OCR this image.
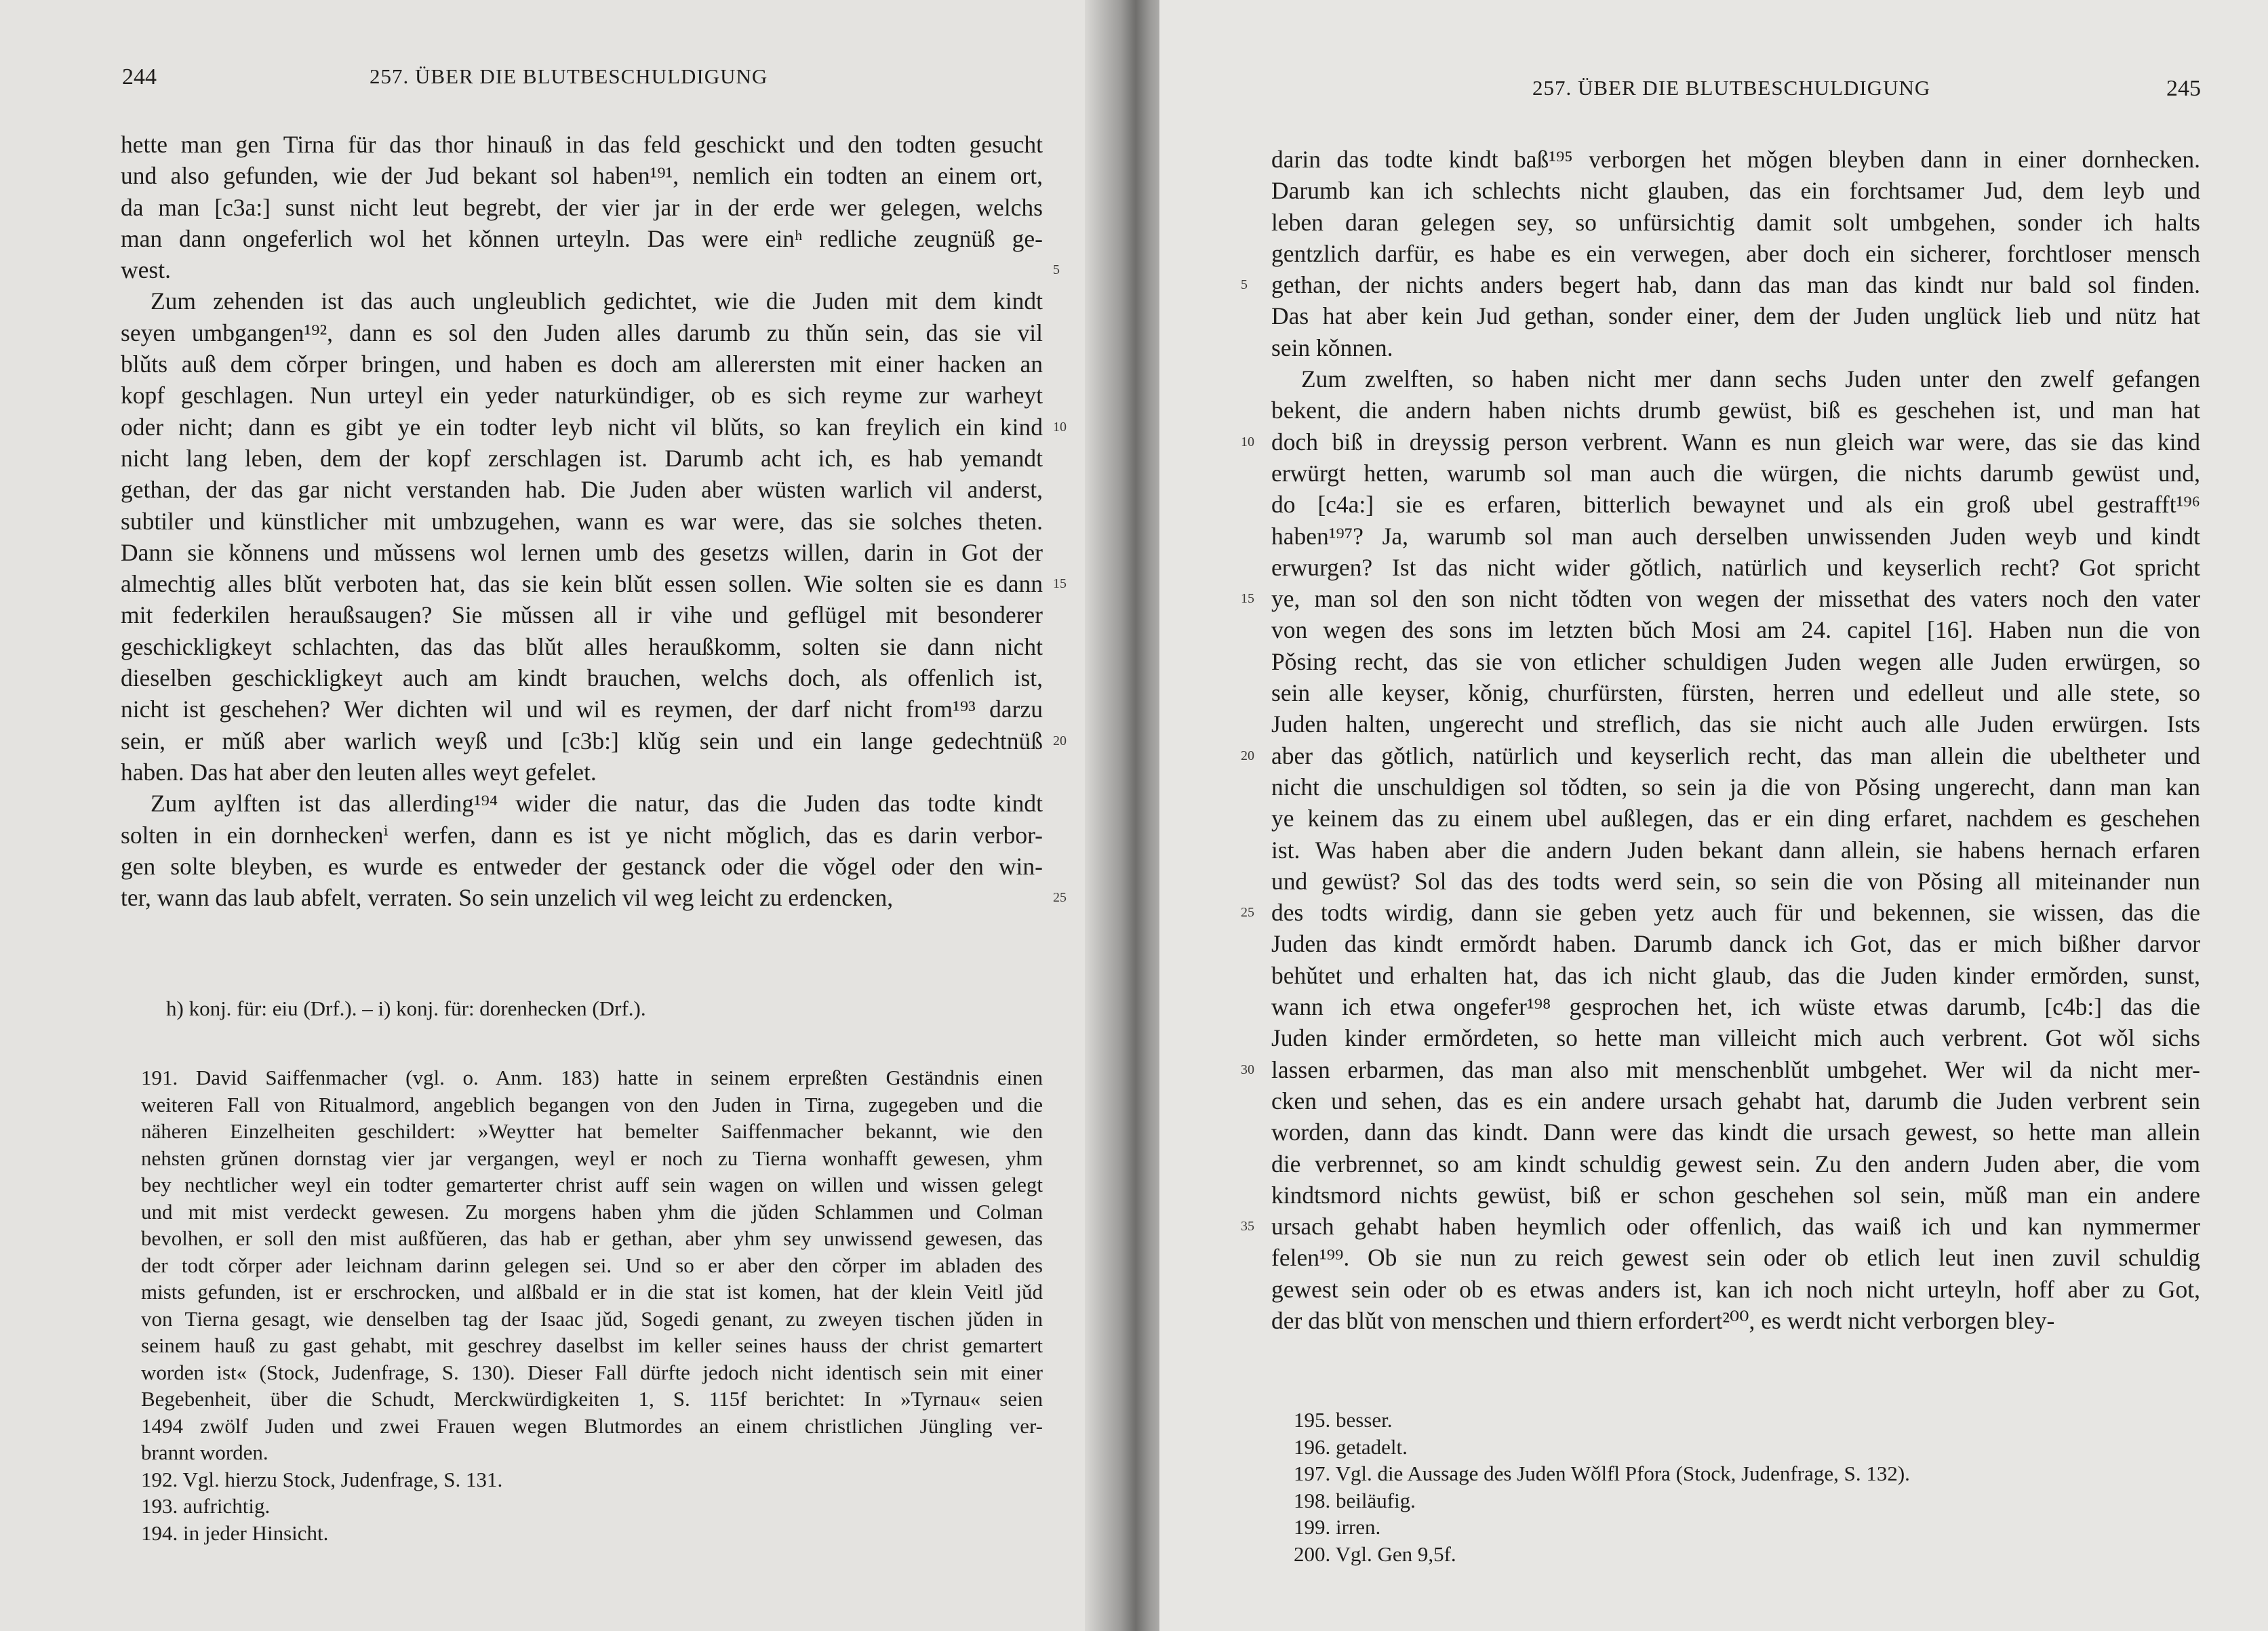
244	257. ÜBER DIE BLUTBESCHULDIGUNG
hette man gen Tirna für das thor hinauß in das feld geschickt und den todten gesucht
und also gefunden, wie der Jud bekant sol haben¹⁹¹, nemlich ein todten an einem ort,
da man [c3a:] sunst nicht leut begrebt, der vier jar in der erde wer gelegen, welchs
man dann ongeferlich wol het kǒnnen urteyln. Das were einʰ redliche zeugnüß ge-
west.
Zum zehenden ist das auch ungleublich gedichtet, wie die Juden mit dem kindt
seyen umbgangen¹⁹², dann es sol den Juden alles darumb zu thǔn sein, das sie vil
blǔts auß dem cǒrper bringen, und haben es doch am allerersten mit einer hacken an
kopf geschlagen. Nun urteyl ein yeder naturkündiger, ob es sich reyme zur warheyt
oder nicht; dann es gibt ye ein todter leyb nicht vil blǔts, so kan freylich ein kind
nicht lang leben, dem der kopf zerschlagen ist. Darumb acht ich, es hab yemandt
gethan, der das gar nicht verstanden hab. Die Juden aber wüsten warlich vil anderst,
subtiler und künstlicher mit umbzugehen, wann es war were, das sie solches theten.
Dann sie kǒnnens und mǔssens wol lernen umb des gesetzs willen, darin in Got der
almechtig alles blǔt verboten hat, das sie kein blǔt essen sollen. Wie solten sie es dann
mit federkilen heraußsaugen? Sie mǔssen all ir vihe und geflügel mit besonderer
geschickligkeyt schlachten, das das blǔt alles heraußkomm, solten sie dann nicht
dieselben geschickligkeyt auch am kindt brauchen, welchs doch, als offenlich ist,
nicht ist geschehen? Wer dichten wil und wil es reymen, der darf nicht from¹⁹³ darzu
sein, er mǔß aber warlich weyß und [c3b:] klǔg sein und ein lange gedechtnüß
haben. Das hat aber den leuten alles weyt gefelet.
Zum aylften ist das allerding¹⁹⁴ wider die natur, das die Juden das todte kindt
solten in ein dornheckenⁱ werfen, dann es ist ye nicht mǒglich, das es darin verbor-
gen solte bleyben, es wurde es entweder der gestanck oder die vǒgel oder den win-
ter, wann das laub abfelt, verraten. So sein unzelich vil weg leicht zu erdencken,
5
10
15
20
25
h) konj. für: eiu (Drf.). – i) konj. für: dorenhecken (Drf.).
191. David Saiffenmacher (vgl. o. Anm. 183) hatte in seinem erpreßten Geständnis einen
weiteren Fall von Ritualmord, angeblich begangen von den Juden in Tirna, zugegeben und die
näheren Einzelheiten geschildert: »Weytter hat bemelter Saiffenmacher bekannt, wie den
nehsten grǔnen dornstag vier jar vergangen, weyl er noch zu Tierna wonhafft gewesen, yhm
bey nechtlicher weyl ein todter gemarterter christ auff sein wagen on willen und wissen gelegt
und mit mist verdeckt gewesen. Zu morgens haben yhm die jǔden Schlammen und Colman
bevolhen, er soll den mist außfǔeren, das hab er gethan, aber yhm sey unwissend gewesen, das
der todt cǒrper ader leichnam darinn gelegen sei. Und so er aber den cǒrper im abladen des
mists gefunden, ist er erschrocken, und alßbald er in die stat ist komen, hat der klein Veitl jǔd
von Tierna gesagt, wie denselben tag der Isaac jǔd, Sogedi genant, zu zweyen tischen jǔden in
seinem hauß zu gast gehabt, mit geschrey daselbst im keller seines hauss der christ gemartert
worden ist« (Stock, Judenfrage, S. 130). Dieser Fall dürfte jedoch nicht identisch sein mit einer
Begebenheit, über die Schudt, Merckwürdigkeiten 1, S. 115f berichtet: In »Tyrnau« seien
1494 zwölf Juden und zwei Frauen wegen Blutmordes an einem christlichen Jüngling ver-
brannt worden.
192. Vgl. hierzu Stock, Judenfrage, S. 131.
193. aufrichtig.
194. in jeder Hinsicht.
257. ÜBER DIE BLUTBESCHULDIGUNG	245
darin das todte kindt baß¹⁹⁵ verborgen het mǒgen bleyben dann in einer dornhecken.
Darumb kan ich schlechts nicht glauben, das ein forchtsamer Jud, dem leyb und
leben daran gelegen sey, so unfürsichtig damit solt umbgehen, sonder ich halts
gentzlich darfür, es habe es ein verwegen, aber doch ein sicherer, forchtloser mensch
gethan, der nichts anders begert hab, dann das man das kindt nur bald sol finden.
Das hat aber kein Jud gethan, sonder einer, dem der Juden unglück lieb und nütz hat
sein kǒnnen.
Zum zwelften, so haben nicht mer dann sechs Juden unter den zwelf gefangen
bekent, die andern haben nichts drumb gewüst, biß es geschehen ist, und man hat
doch biß in dreyssig person verbrent. Wann es nun gleich war were, das sie das kind
erwürgt hetten, warumb sol man auch die würgen, die nichts darumb gewüst und,
do [c4a:] sie es erfaren, bitterlich bewaynet und als ein groß ubel gestrafft¹⁹⁶
haben¹⁹⁷? Ja, warumb sol man auch derselben unwissenden Juden weyb und kindt
erwurgen? Ist das nicht wider gǒtlich, natürlich und keyserlich recht? Got spricht
ye, man sol den son nicht tǒdten von wegen der missethat des vaters noch den vater
von wegen des sons im letzten bǔch Mosi am 24. capitel [16]. Haben nun die von
Pǒsing recht, das sie von etlicher schuldigen Juden wegen alle Juden erwürgen, so
sein alle keyser, kǒnig, churfürsten, fürsten, herren und edelleut und alle stete, so
Juden halten, ungerecht und streflich, das sie nicht auch alle Juden erwürgen. Ists
aber das gǒtlich, natürlich und keyserlich recht, das man allein die ubeltheter und
nicht die unschuldigen sol tǒdten, so sein ja die von Pǒsing ungerecht, dann man kan
ye keinem das zu einem ubel außlegen, das er ein ding erfaret, nachdem es geschehen
ist. Was haben aber die andern Juden bekant dann allein, sie habens hernach erfaren
und gewüst? Sol das des todts werd sein, so sein die von Pǒsing all miteinander nun
des todts wirdig, dann sie geben yetz auch für und bekennen, sie wissen, das die
Juden das kindt ermǒrdt haben. Darumb danck ich Got, das er mich bißher darvor
behǔtet und erhalten hat, das ich nicht glaub, das die Juden kinder ermǒrden, sunst,
wann ich etwa ongefer¹⁹⁸ gesprochen het, ich wüste etwas darumb, [c4b:] das die
Juden kinder ermǒrdeten, so hette man villeicht mich auch verbrent. Got wǒl sichs
lassen erbarmen, das man also mit menschenblǔt umbgehet. Wer wil da nicht mer-
cken und sehen, das es ein andere ursach gehabt hat, darumb die Juden verbrent sein
worden, dann das kindt. Dann were das kindt die ursach gewest, so hette man allein
die verbrennet, so am kindt schuldig gewest sein. Zu den andern Juden aber, die vom
kindtsmord nichts gewüst, biß er schon geschehen sol sein, mǔß man ein andere
ursach gehabt haben heymlich oder offenlich, das waiß ich und kan nymmermer
felen¹⁹⁹. Ob sie nun zu reich gewest sein oder ob etlich leut inen zuvil schuldig
gewest sein oder ob es etwas anders ist, kan ich noch nicht urteyln, hoff aber zu Got,
der das blǔt von menschen und thiern erfordert²⁰⁰, es werdt nicht verborgen bley-
5
10
15
20
25
30
35
195. besser.
196. getadelt.
197. Vgl. die Aussage des Juden Wǒlfl Pfora (Stock, Judenfrage, S. 132).
198. beiläufig.
199. irren.
200. Vgl. Gen 9,5f.
